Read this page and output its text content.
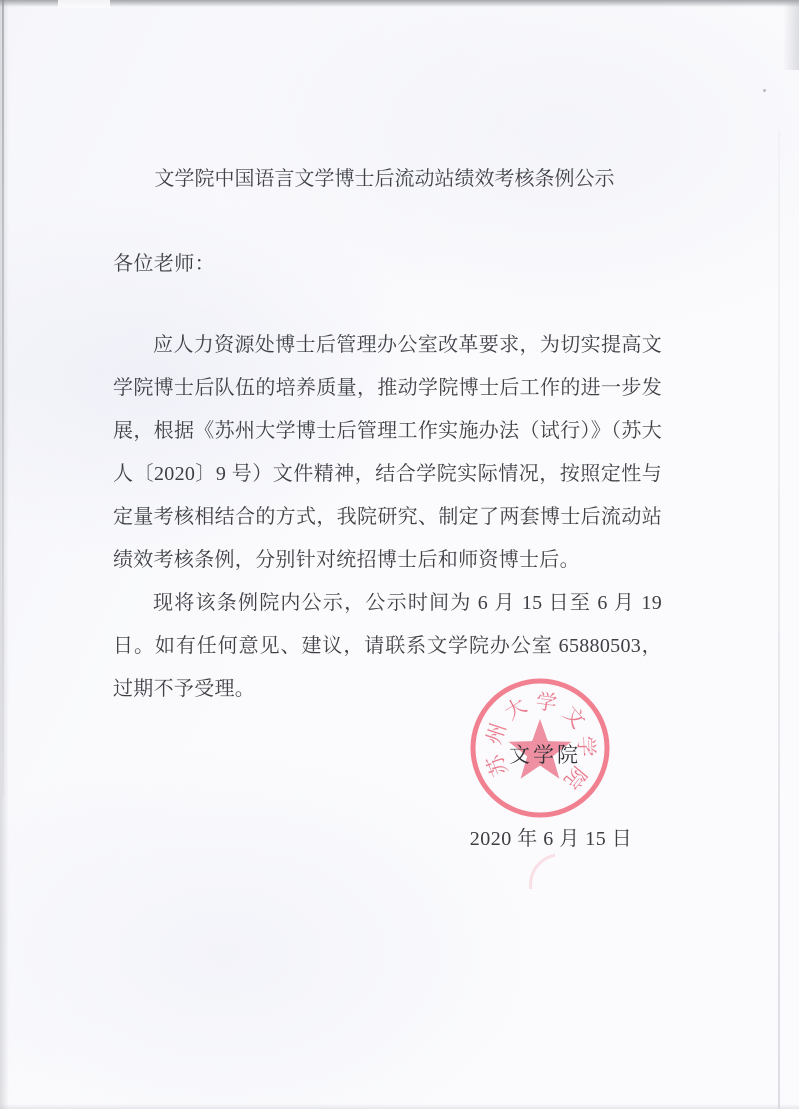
文学院中国语言文学博士后流动站绩效考核条例公示
各位老师：

应人力资源处博士后管理办公室改革要求，为切实提高文学院博士后队伍的培养质量，推动学院博士后工作的进一步发展，根据《苏州大学博士后管理工作实施办法（试行）》（苏大人〔2020〕9 号）文件精神，结合学院实际情况，按照定性与定量考核相结合的方式，我院研究、制定了两套博士后流动站绩效考核条例，分别针对统招博士后和师资博士后。

现将该条例院内公示，公示时间为 6 月 15 日至 6 月 19 日。如有任何意见、建议，请联系文学院办公室 65880503，过期不予受理。

苏
州
大 学 文
学
院
文学院
2020 年 6 月 15 日
